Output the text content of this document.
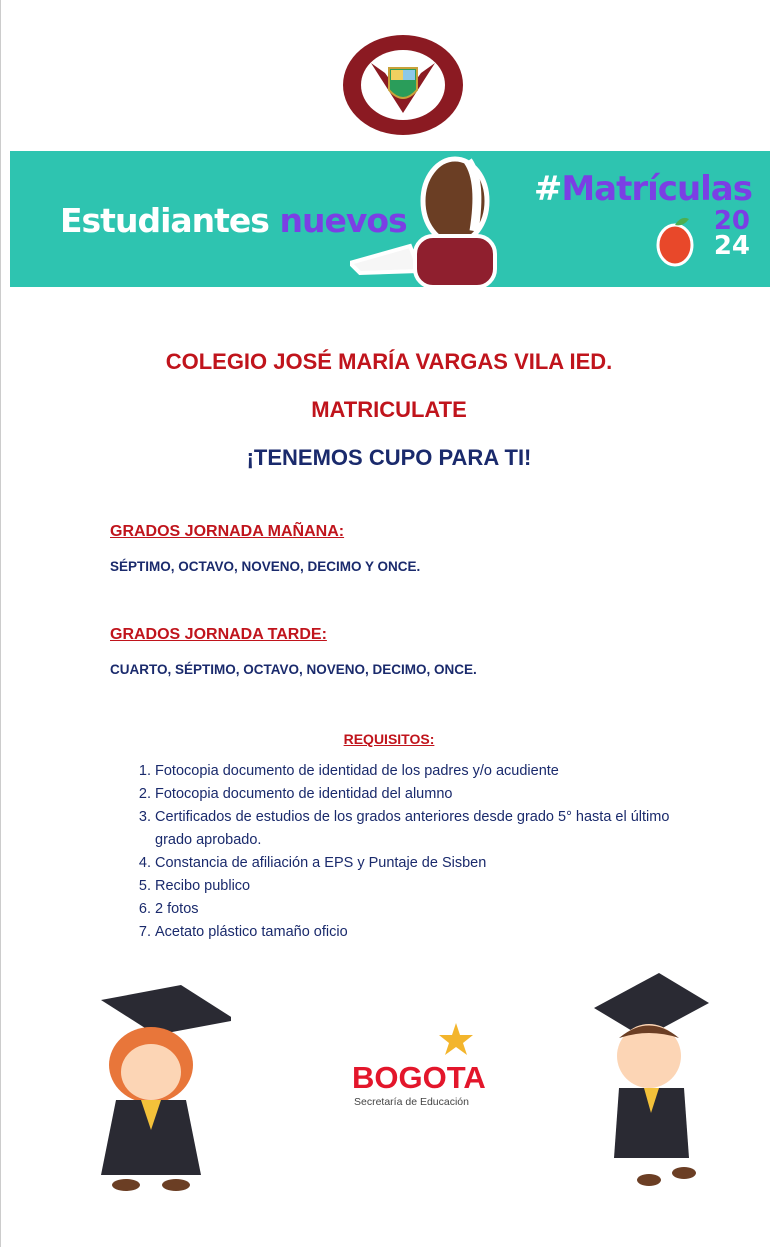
Estudiantes nuevos
#Matrículas
20
24
COLEGIO JOSÉ MARÍA VARGAS VILA IED.
MATRICULATE
¡TENEMOS CUPO PARA TI!
GRADOS JORNADA MAÑANA:
SÉPTIMO, OCTAVO, NOVENO, DECIMO Y ONCE.
GRADOS JORNADA TARDE:
CUARTO, SÉPTIMO, OCTAVO, NOVENO, DECIMO, ONCE.
REQUISITOS:
1. Fotocopia documento de identidad de los padres y/o acudiente
2. Fotocopia documento de identidad del alumno
3. Certificados de estudios de los grados anteriores desde grado 5° hasta el último grado aprobado.
4. Constancia de afiliación a EPS y Puntaje de Sisben
5. Recibo publico
6. 2 fotos
7. Acetato plástico tamaño oficio
BOGOTA
Secretaría de Educación
